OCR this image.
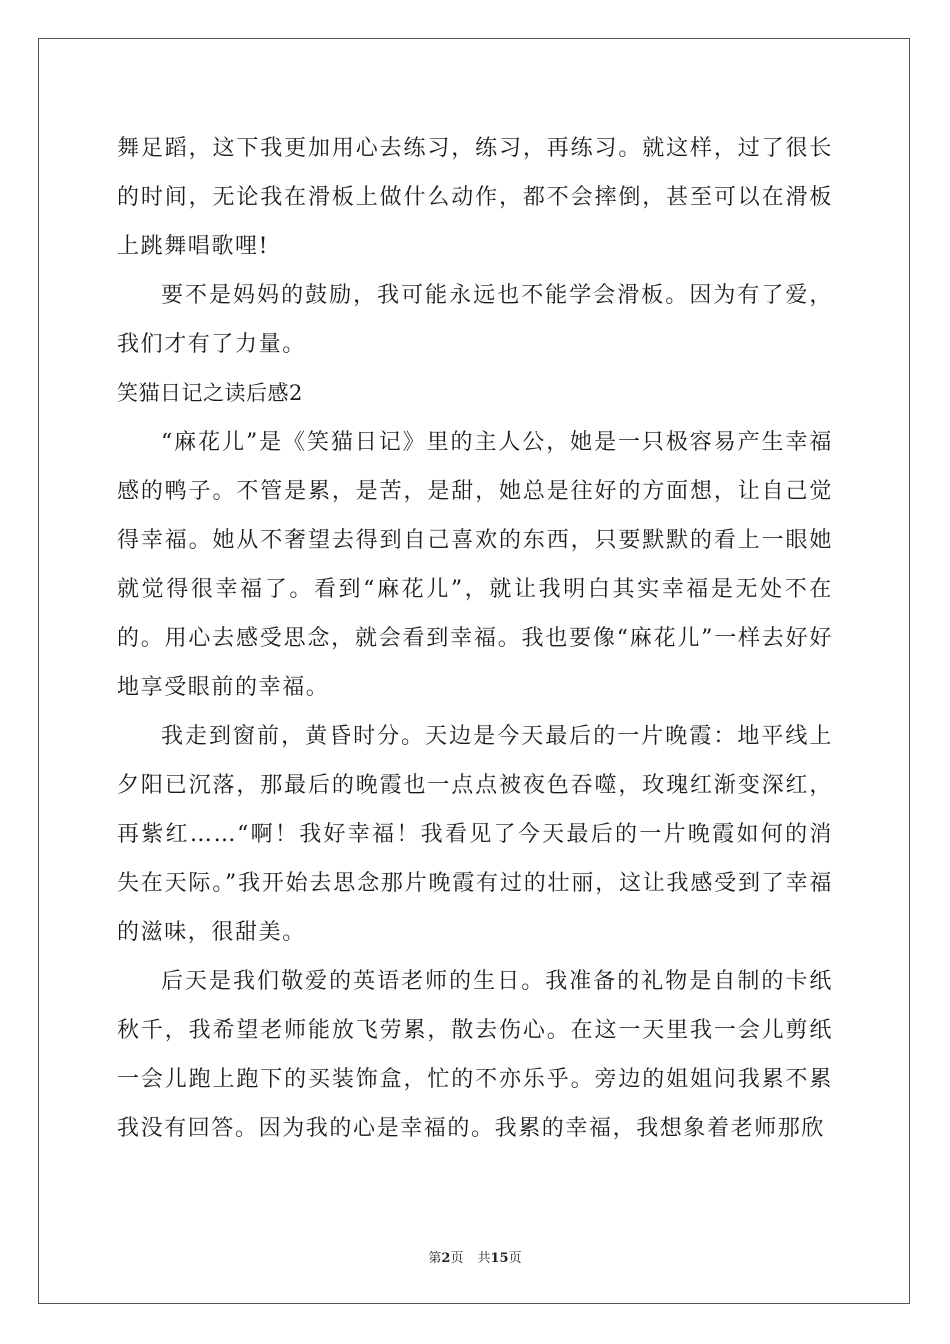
舞足蹈，这下我更加用心去练习，练习，再练习。就这样，过了很长的时间，无论我在滑板上做什么动作，都不会摔倒，甚至可以在滑板上跳舞唱歌哩!

要不是妈妈的鼓励，我可能永远也不能学会滑板。因为有了爱，我们才有了力量。

笑猫日记之读后感2

“麻花儿”是《笑猫日记》里的主人公，她是一只极容易产生幸福感的鸭子。不管是累，是苦，是甜，她总是往好的方面想，让自己觉得幸福。她从不奢望去得到自己喜欢的东西，只要默默的看上一眼她就觉得很幸福了。看到“麻花儿”，就让我明白其实幸福是无处不在的。用心去感受思念，就会看到幸福。我也要像“麻花儿”一样去好好地享受眼前的幸福。

我走到窗前，黄昏时分。天边是今天最后的一片晚霞：地平线上夕阳已沉落，那最后的晚霞也一点点被夜色吞噬，玫瑰红渐变深红，再紫红……“啊！我好幸福！我看见了今天最后的一片晚霞如何的消失在天际。”我开始去思念那片晚霞有过的壮丽，这让我感受到了幸福的滋味，很甜美。

后天是我们敬爱的英语老师的生日。我准备的礼物是自制的卡纸秋千，我希望老师能放飞劳累，散去伤心。在这一天里我一会儿剪纸一会儿跑上跑下的买装饰盒，忙的不亦乐乎。旁边的姐姐问我累不累我没有回答。因为我的心是幸福的。我累的幸福，我想象着老师那欣

第2页 共15页
